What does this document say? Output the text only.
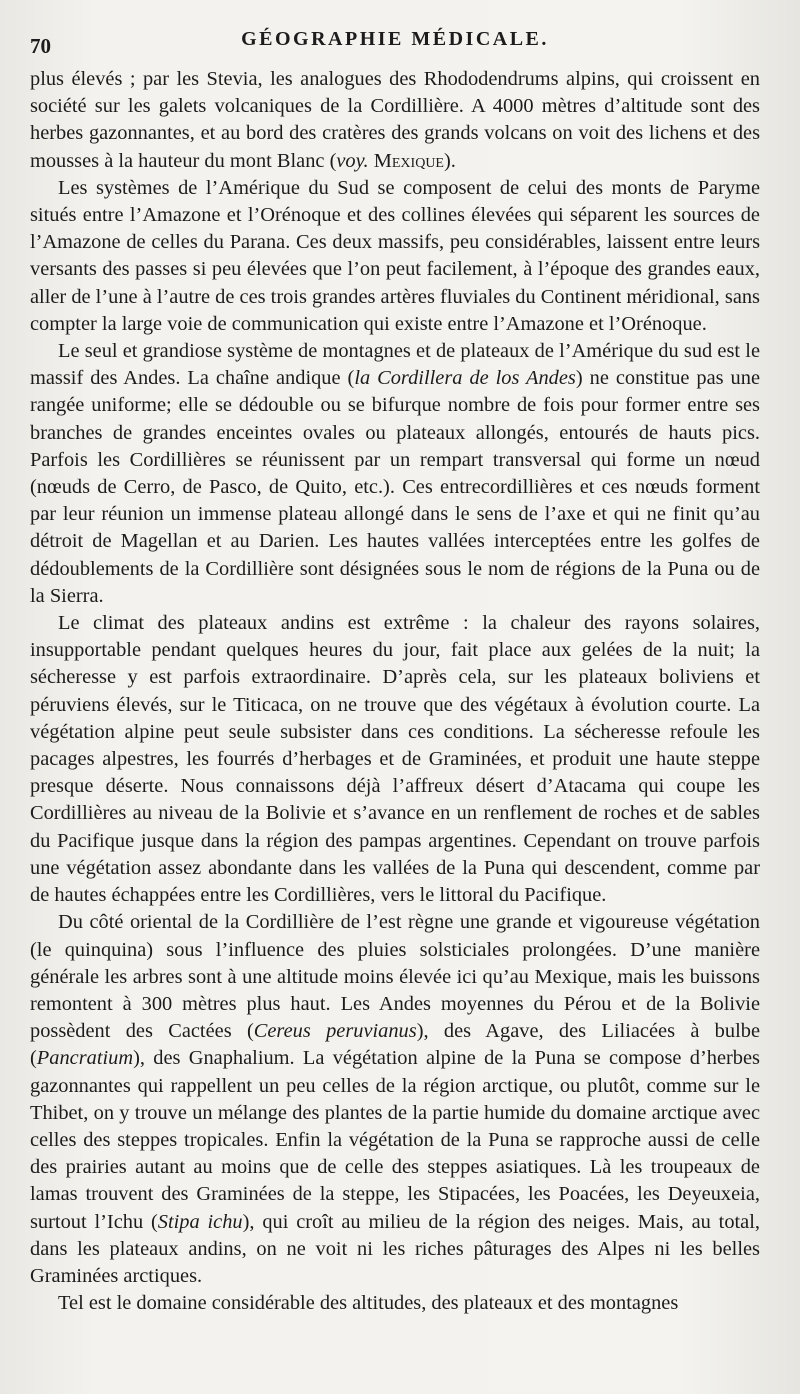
70	GÉOGRAPHIE MÉDICALE.

plus élevés ; par les Stevia, les analogues des Rhododendrums alpins, qui croissent en société sur les galets volcaniques de la Cordillière. A 4000 mètres d’altitude sont des herbes gazonnantes, et au bord des cratères des grands volcans on voit des lichens et des mousses à la hauteur du mont Blanc (voy. Mexique).

Les systèmes de l’Amérique du Sud se composent de celui des monts de Paryme situés entre l’Amazone et l’Orénoque et des collines élevées qui séparent les sources de l’Amazone de celles du Parana. Ces deux massifs, peu considérables, laissent entre leurs versants des passes si peu élevées que l’on peut facilement, à l’époque des grandes eaux, aller de l’une à l’autre de ces trois grandes artères fluviales du Continent méridional, sans compter la large voie de communication qui existe entre l’Amazone et l’Orénoque.

Le seul et grandiose système de montagnes et de plateaux de l’Amérique du sud est le massif des Andes. La chaîne andique (la Cordillera de los Andes) ne constitue pas une rangée uniforme; elle se dédouble ou se bifurque nombre de fois pour former entre ses branches de grandes enceintes ovales ou plateaux allongés, entourés de hauts pics. Parfois les Cordillières se réunissent par un rempart transversal qui forme un nœud (nœuds de Cerro, de Pasco, de Quito, etc.). Ces entrecordillières et ces nœuds forment par leur réunion un immense plateau allongé dans le sens de l’axe et qui ne finit qu’au détroit de Magellan et au Darien. Les hautes vallées interceptées entre les golfes de dédoublements de la Cordillière sont désignées sous le nom de régions de la Puna ou de la Sierra.

Le climat des plateaux andins est extrême : la chaleur des rayons solaires, insupportable pendant quelques heures du jour, fait place aux gelées de la nuit; la sécheresse y est parfois extraordinaire. D’après cela, sur les plateaux boliviens et péruviens élevés, sur le Titicaca, on ne trouve que des végétaux à évolution courte. La végétation alpine peut seule subsister dans ces conditions. La sécheresse refoule les pacages alpestres, les fourrés d’herbages et de Graminées, et produit une haute steppe presque déserte. Nous connaissons déjà l’affreux désert d’Atacama qui coupe les Cordillières au niveau de la Bolivie et s’avance en un renflement de roches et de sables du Pacifique jusque dans la région des pampas argentines. Cependant on trouve parfois une végétation assez abondante dans les vallées de la Puna qui descendent, comme par de hautes échappées entre les Cordillières, vers le littoral du Pacifique.

Du côté oriental de la Cordillière de l’est règne une grande et vigoureuse végétation (le quinquina) sous l’influence des pluies solsticiales prolongées. D’une manière générale les arbres sont à une altitude moins élevée ici qu’au Mexique, mais les buissons remontent à 300 mètres plus haut. Les Andes moyennes du Pérou et de la Bolivie possèdent des Cactées (Cereus peruvianus), des Agave, des Liliacées à bulbe (Pancratium), des Gnaphalium. La végétation alpine de la Puna se compose d’herbes gazonnantes qui rappellent un peu celles de la région arctique, ou plutôt, comme sur le Thibet, on y trouve un mélange des plantes de la partie humide du domaine arctique avec celles des steppes tropicales. Enfin la végétation de la Puna se rapproche aussi de celle des prairies autant au moins que de celle des steppes asiatiques. Là les troupeaux de lamas trouvent des Graminées de la steppe, les Stipacées, les Poacées, les Deyeuxeia, surtout l’Ichu (Stipa ichu), qui croît au milieu de la région des neiges. Mais, au total, dans les plateaux andins, on ne voit ni les riches pâturages des Alpes ni les belles Graminées arctiques.

Tel est le domaine considérable des altitudes, des plateaux et des montagnes
